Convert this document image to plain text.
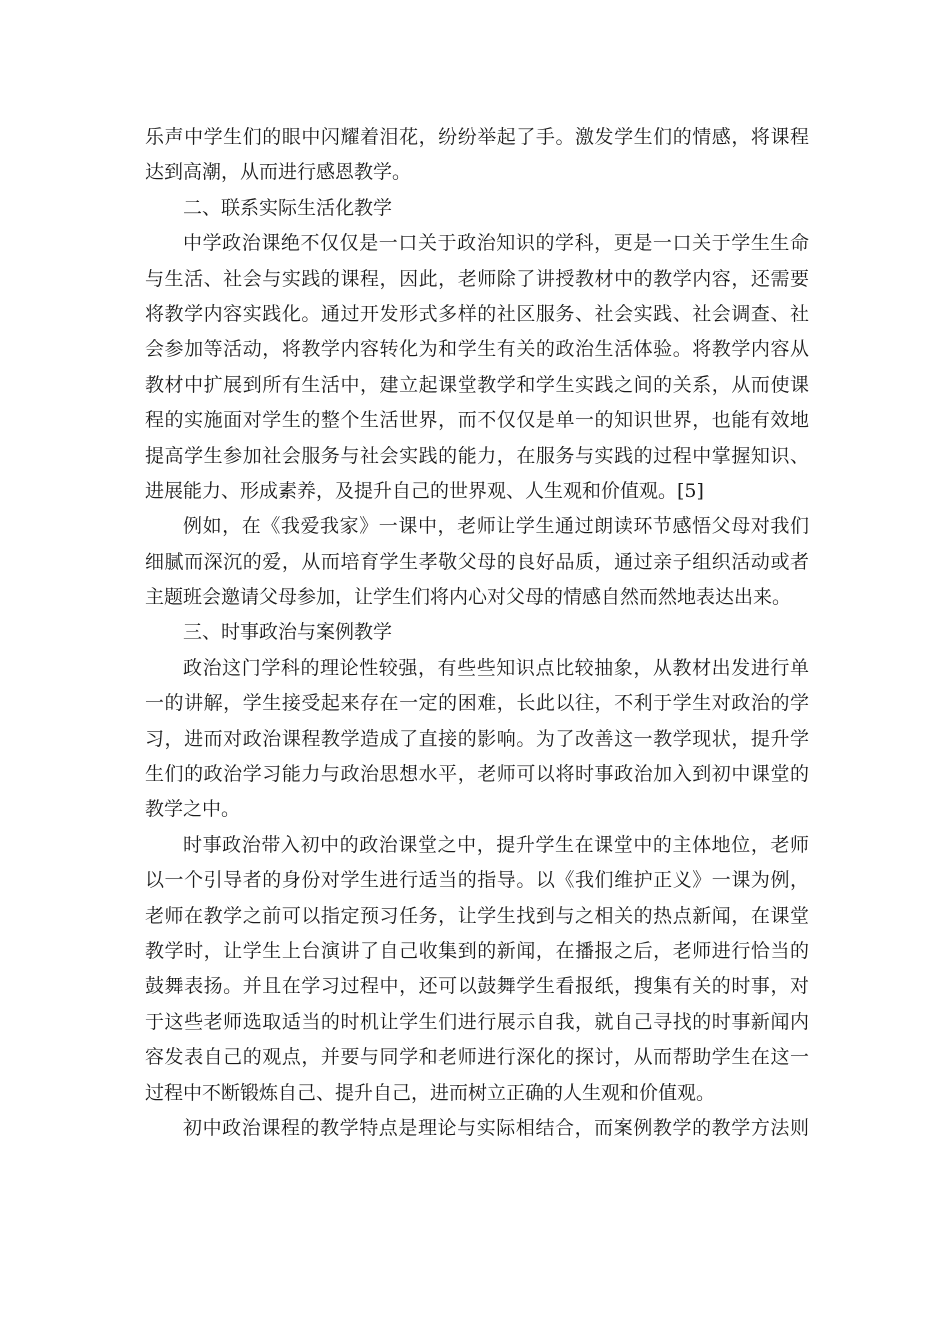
乐声中学生们的眼中闪耀着泪花，纷纷举起了手。激发学生们的情感，将课程
达到高潮，从而进行感恩教学。
二、联系实际生活化教学
中学政治课绝不仅仅是一口关于政治知识的学科，更是一口关于学生生命
与生活、社会与实践的课程，因此，老师除了讲授教材中的教学内容，还需要
将教学内容实践化。通过开发形式多样的社区服务、社会实践、社会调查、社
会参加等活动，将教学内容转化为和学生有关的政治生活体验。将教学内容从
教材中扩展到所有生活中，建立起课堂教学和学生实践之间的关系，从而使课
程的实施面对学生的整个生活世界，而不仅仅是单一的知识世界，也能有效地
提高学生参加社会服务与社会实践的能力，在服务与实践的过程中掌握知识、
进展能力、形成素养，及提升自己的世界观、人生观和价值观。[5]
例如，在《我爱我家》一课中，老师让学生通过朗读环节感悟父母对我们
细腻而深沉的爱，从而培育学生孝敬父母的良好品质，通过亲子组织活动或者
主题班会邀请父母参加，让学生们将内心对父母的情感自然而然地表达出来。
三、时事政治与案例教学
政治这门学科的理论性较强，有些些知识点比较抽象，从教材出发进行单
一的讲解，学生接受起来存在一定的困难，长此以往，不利于学生对政治的学
习，进而对政治课程教学造成了直接的影响。为了改善这一教学现状，提升学
生们的政治学习能力与政治思想水平，老师可以将时事政治加入到初中课堂的
教学之中。
时事政治带入初中的政治课堂之中，提升学生在课堂中的主体地位，老师
以一个引导者的身份对学生进行适当的指导。以《我们维护正义》一课为例，
老师在教学之前可以指定预习任务，让学生找到与之相关的热点新闻，在课堂
教学时，让学生上台演讲了自己收集到的新闻，在播报之后，老师进行恰当的
鼓舞表扬。并且在学习过程中，还可以鼓舞学生看报纸，搜集有关的时事，对
于这些老师选取适当的时机让学生们进行展示自我，就自己寻找的时事新闻内
容发表自己的观点，并要与同学和老师进行深化的探讨，从而帮助学生在这一
过程中不断锻炼自己、提升自己，进而树立正确的人生观和价值观。
初中政治课程的教学特点是理论与实际相结合，而案例教学的教学方法则
